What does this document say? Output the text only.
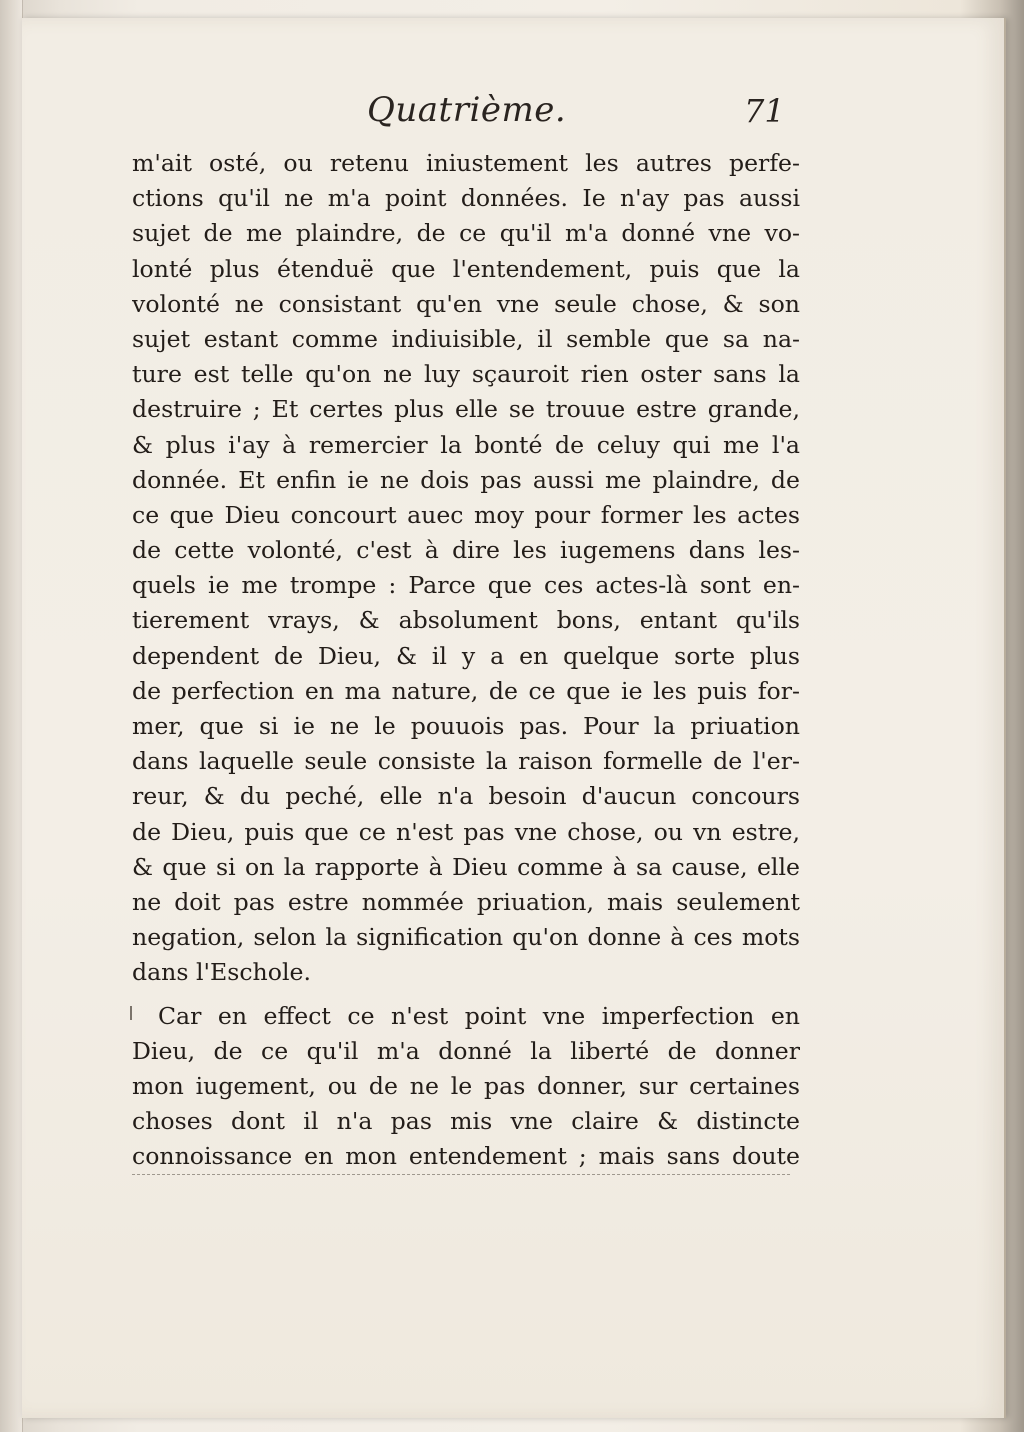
Quatrième.	71
m'ait osté, ou retenu iniustement les autres perfe-
ctions qu'il ne m'a point données. Ie n'ay pas aussi
sujet de me plaindre, de ce qu'il m'a donné vne vo-
lonté plus étenduë que l'entendement, puis que la
volonté ne consistant qu'en vne seule chose, & son
sujet estant comme indiuisible, il semble que sa na-
ture est telle qu'on ne luy sçauroit rien oster sans la
destruire ; Et certes plus elle se trouue estre grande,
& plus i'ay à remercier la bonté de celuy qui me l'a
donnée. Et enfin ie ne dois pas aussi me plaindre, de
ce que Dieu concourt auec moy pour former les actes
de cette volonté, c'est à dire les iugemens dans les-
quels ie me trompe : Parce que ces actes-là sont en-
tierement vrays, & absolument bons, entant qu'ils
dependent de Dieu, & il y a en quelque sorte plus
de perfection en ma nature, de ce que ie les puis for-
mer, que si ie ne le pouuois pas. Pour la priuation
dans laquelle seule consiste la raison formelle de l'er-
reur, & du peché, elle n'a besoin d'aucun concours
de Dieu, puis que ce n'est pas vne chose, ou vn estre,
& que si on la rapporte à Dieu comme à sa cause, elle
ne doit pas estre nommée priuation, mais seulement
negation, selon la signification qu'on donne à ces mots
dans l'Eschole.
Car en effect ce n'est point vne imperfection en
Dieu, de ce qu'il m'a donné la liberté de donner
mon iugement, ou de ne le pas donner, sur certaines
choses dont il n'a pas mis vne claire & distincte
connoissance en mon entendement ; mais sans doute
